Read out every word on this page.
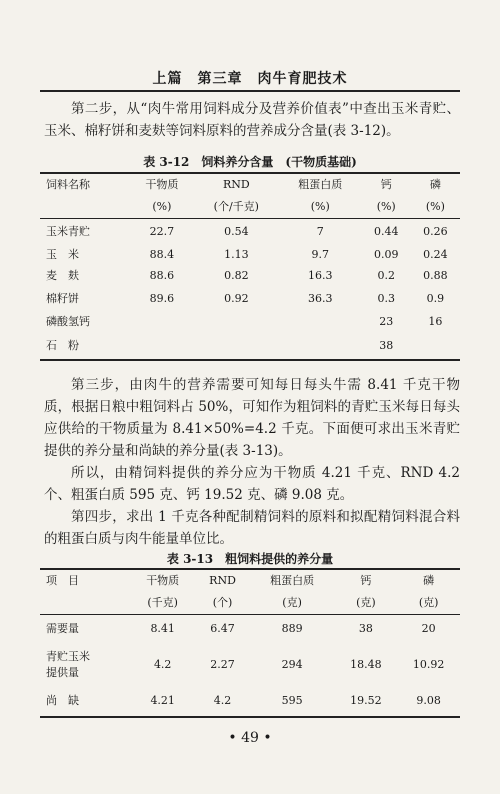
上篇　第三章　肉牛育肥技术
第二步，从“肉牛常用饲料成分及营养价值表”中查出玉米青贮、玉米、棉籽饼和麦麸等饲料原料的营养成分含量(表 3-12)。
表 3-12　饲料养分含量　(干物质基础)
饲料名称	干物质	RND	粗蛋白质	钙	磷
	(%)	(个/千克)	(%)	(%)	(%)
玉米青贮	22.7	0.54	7	0.44	0.26
玉　米	88.4	1.13	9.7	0.09	0.24
麦　麸	88.6	0.82	16.3	0.2	0.88
棉籽饼	89.6	0.92	36.3	0.3	0.9
磷酸氢钙				23	16
石　粉				38	
第三步，由肉牛的营养需要可知每日每头牛需 8.41 千克干物质，根据日粮中粗饲料占 50%，可知作为粗饲料的青贮玉米每日每头应供给的干物质量为 8.41×50%=4.2 千克。下面便可求出玉米青贮提供的养分量和尚缺的养分量(表 3-13)。
所以，由精饲料提供的养分应为干物质 4.21 千克、RND 4.2 个、粗蛋白质 595 克、钙 19.52 克、磷 9.08 克。
第四步，求出 1 千克各种配制精饲料的原料和拟配精饲料混合料的粗蛋白质与肉牛能量单位比。
表 3-13　粗饲料提供的养分量
项　目	干物质	RND	粗蛋白质	钙	磷
	(千克)	(个)	(克)	(克)	(克)
需要量	8.41	6.47	889	38	20
青贮玉米
提供量	4.2	2.27	294	18.48	10.92
尚　缺	4.21	4.2	595	19.52	9.08
• 49 •
